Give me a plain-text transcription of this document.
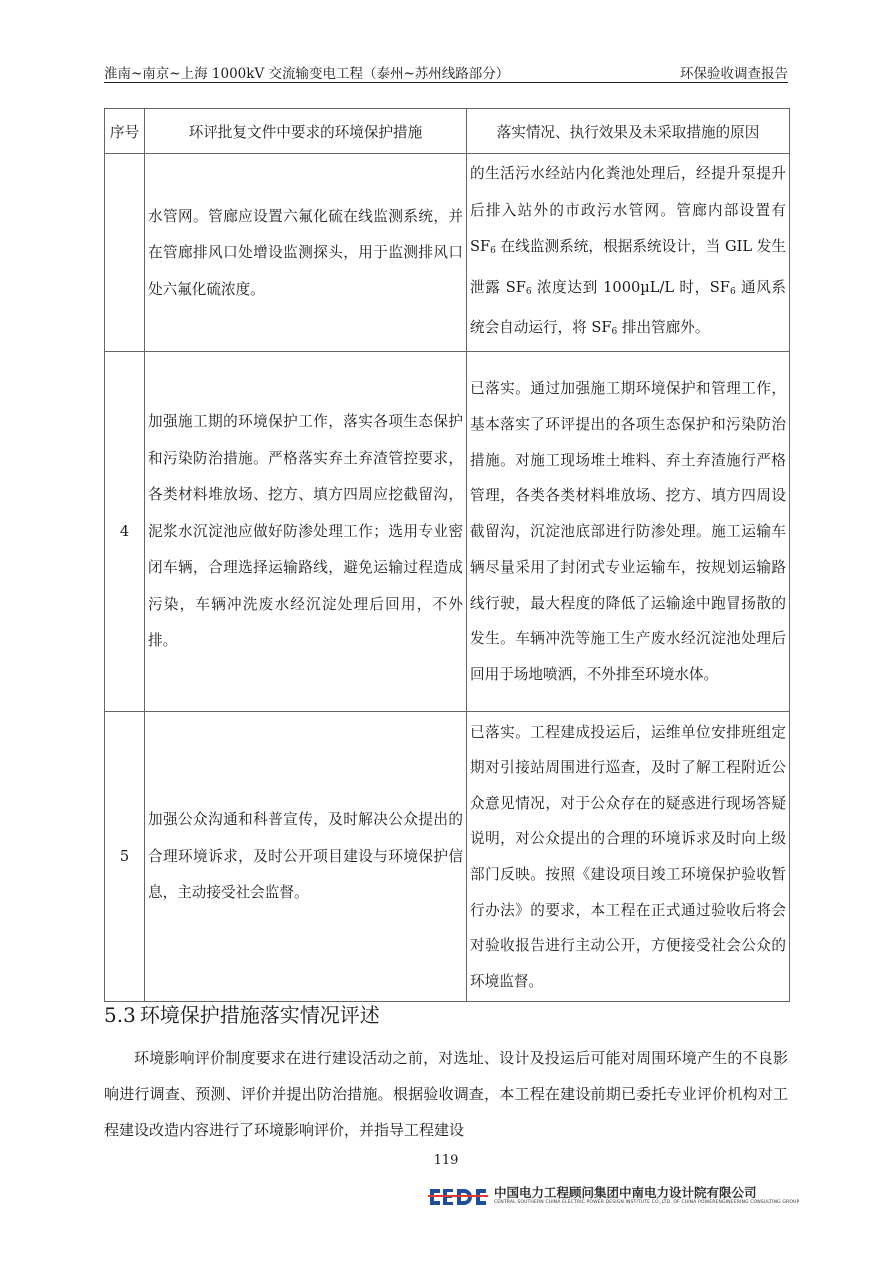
淮南~南京~上海 1000kV 交流输变电工程（泰州~苏州线路部分）	环保验收调查报告
序号	环评批复文件中要求的环境保护措施	落实情况、执行效果及未采取措施的原因
	水管网。管廊应设置六氟化硫在线监测系统，并在管廊排风口处增设监测探头，用于监测排风口处六氟化硫浓度。	的生活污水经站内化粪池处理后，经提升泵提升后排入站外的市政污水管网。管廊内部设置有 $SF_6$ 在线监测系统，根据系统设计，当 GIL 发生泄露 $SF_6$ 浓度达到 1000µL/L 时，$SF_6$ 通风系统会自动运行，将 $SF_6$ 排出管廊外。
4	加强施工期的环境保护工作，落实各项生态保护和污染防治措施。严格落实弃土弃渣管控要求，各类材料堆放场、挖方、填方四周应挖截留沟，泥浆水沉淀池应做好防渗处理工作；选用专业密闭车辆，合理选择运输路线，避免运输过程造成污染，车辆冲洗废水经沉淀处理后回用，不外排。	已落实。通过加强施工期环境保护和管理工作，基本落实了环评提出的各项生态保护和污染防治措施。对施工现场堆土堆料、弃土弃渣施行严格管理，各类各类材料堆放场、挖方、填方四周设截留沟，沉淀池底部进行防渗处理。施工运输车辆尽量采用了封闭式专业运输车，按规划运输路线行驶，最大程度的降低了运输途中跑冒扬散的发生。车辆冲洗等施工生产废水经沉淀池处理后回用于场地喷洒，不外排至环境水体。
5	加强公众沟通和科普宣传，及时解决公众提出的合理环境诉求，及时公开项目建设与环境保护信息，主动接受社会监督。	已落实。工程建成投运后，运维单位安排班组定期对引接站周围进行巡查，及时了解工程附近公众意见情况，对于公众存在的疑惑进行现场答疑说明，对公众提出的合理的环境诉求及时向上级部门反映。按照《建设项目竣工环境保护验收暂行办法》的要求，本工程在正式通过验收后将会对验收报告进行主动公开，方便接受社会公众的环境监督。
5.3 环境保护措施落实情况评述

环境影响评价制度要求在进行建设活动之前，对选址、设计及投运后可能对周围环境产生的不良影响进行调查、预测、评价并提出防治措施。根据验收调查，本工程在建设前期已委托专业评价机构对工程建设改造内容进行了环境影响评价，并指导工程建设

119
中国电力工程顾问集团中南电力设计院有限公司
CENTRAL SOUTHERN CHINA ELECTRIC POWER DESIGN INSTITUTE CO.,LTD. OF CHINA POWERENGINEERING CONSULTING GROUP
